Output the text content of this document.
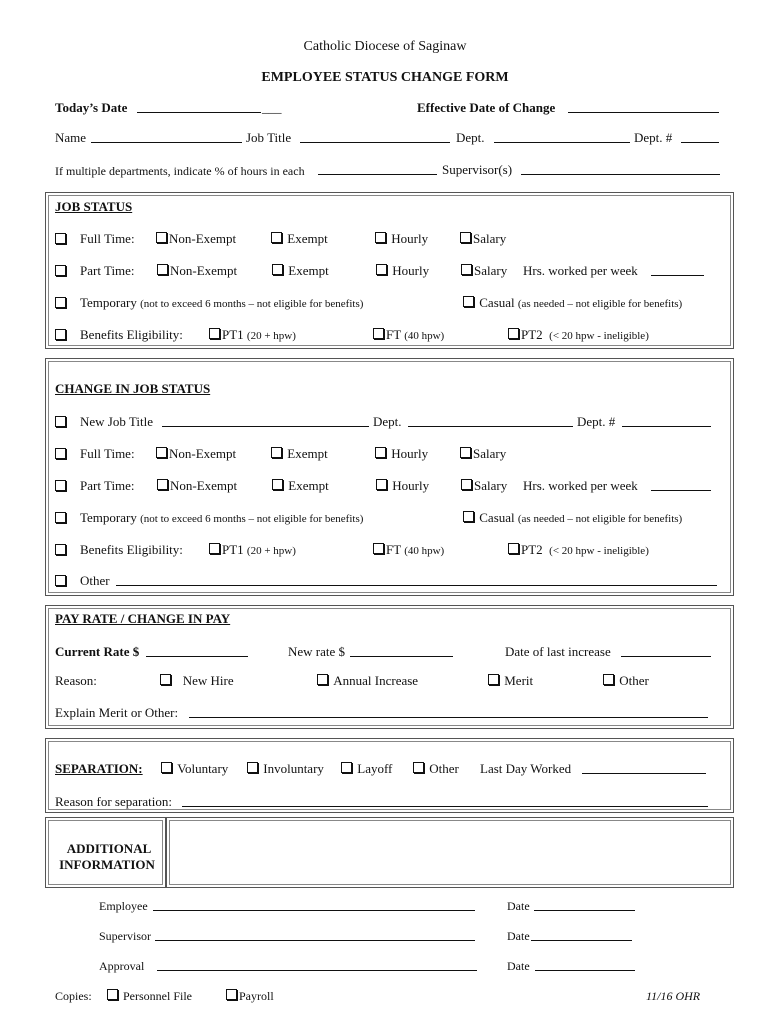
Catholic Diocese of Saginaw
EMPLOYEE STATUS CHANGE FORM
Today’s Date	___	Effective Date of Change
Name	Job Title	Dept.	Dept. #
If multiple departments, indicate % of hours in each	Supervisor(s)
JOB STATUS
Full Time:	Non-Exempt	Exempt	Hourly	Salary
Part Time:	Non-Exempt	Exempt	Hourly	Salary Hrs. worked per week
Temporary (not to exceed 6 months – not eligible for benefits)	Casual (as needed – not eligible for benefits)
Benefits Eligibility:	PT1 (20 + hpw)	FT (40 hpw)	PT2 (< 20 hpw - ineligible)
CHANGE IN JOB STATUS
New Job Title	Dept.	Dept. #
Full Time:	Non-Exempt	Exempt	Hourly	Salary
Part Time:	Non-Exempt	Exempt	Hourly	Salary Hrs. worked per week
Temporary (not to exceed 6 months – not eligible for benefits)	Casual (as needed – not eligible for benefits)
Benefits Eligibility:	PT1 (20 + hpw)	FT (40 hpw)	PT2 (< 20 hpw - ineligible)
Other
PAY RATE / CHANGE IN PAY
Current Rate $	New rate $	Date of last increase
Reason:	New Hire	Annual Increase	Merit	Other
Explain Merit or Other:
SEPARATION:	Voluntary	Involuntary	Layoff	Other Last Day Worked
Reason for separation:
ADDITIONAL
INFORMATION
Employee	Date
Supervisor	Date
Approval	Date
Copies:	Personnel File	Payroll	11/16 OHR
